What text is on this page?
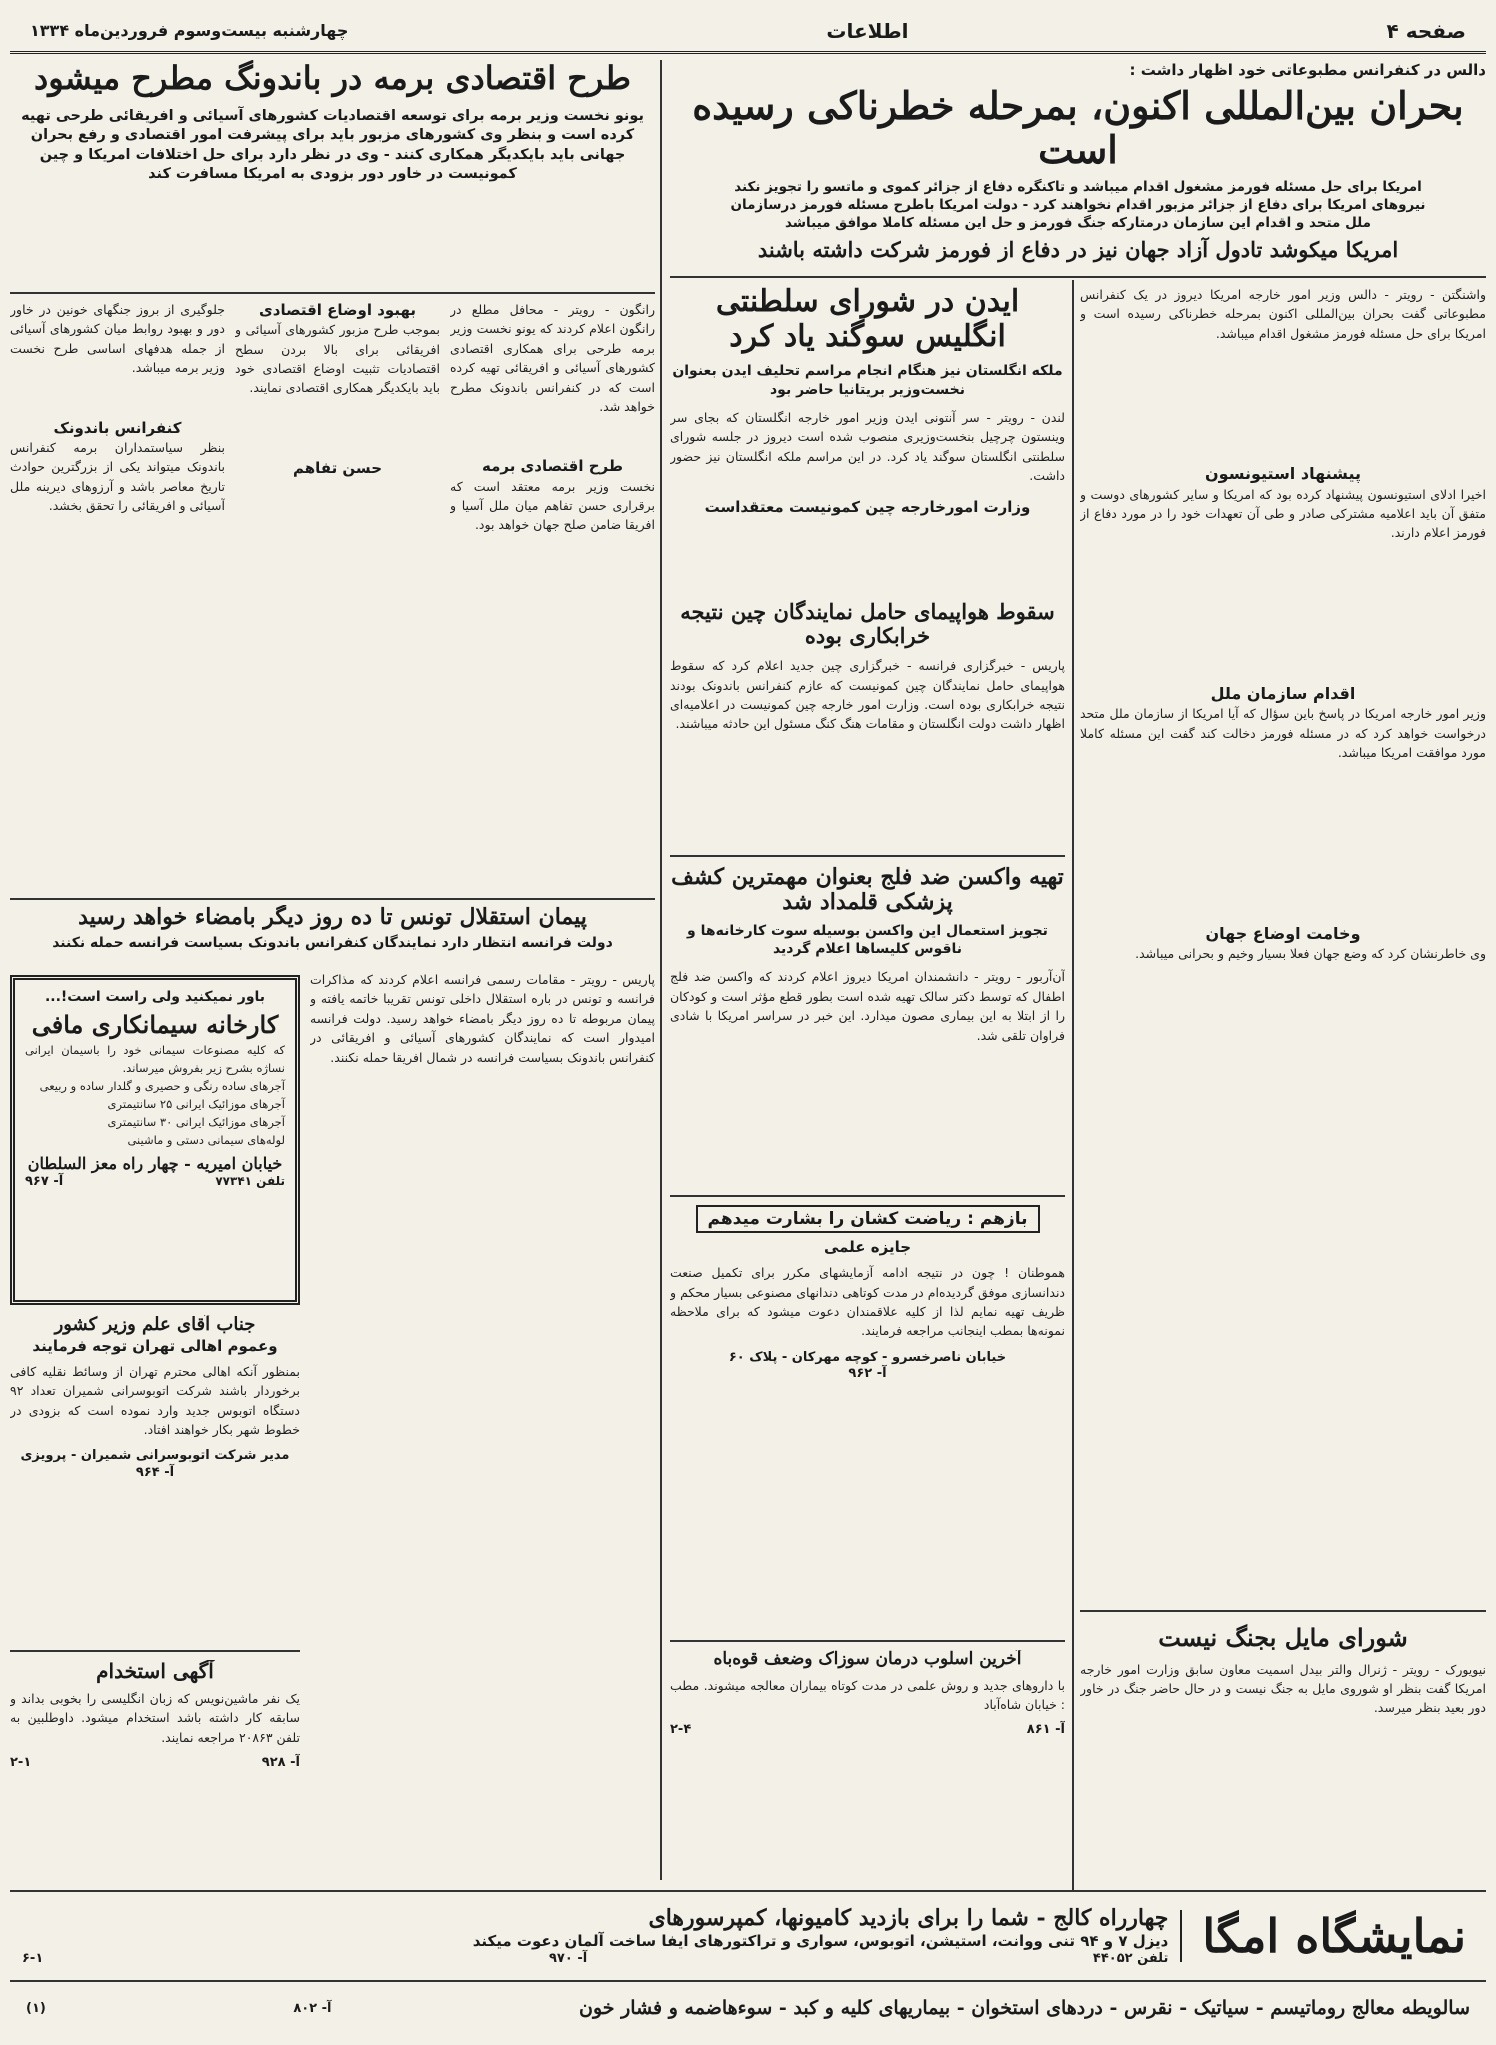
صفحه ۴
اطلاعات
چهارشنبه بیست‌وسوم فروردین‌ماه ۱۳۳۴
دالس در کنفرانس مطبوعاتی خود اظهار داشت :
بحران بین‌المللی اکنون، بمرحله خطرناکی رسیده است
امریکا برای حل مسئله فورمز مشغول اقدام میباشد و تاکنگره دفاع از جزائر کموی و ماتسو را تجویز نکند
نیروهای امریکا برای دفاع از جزائر مزبور اقدام نخواهند کرد - دولت امریکا باطرح مسئله فورمز درسازمان
ملل متحد و اقدام این سازمان درمتارکه جنگ فورمز و حل این مسئله کاملا موافق میباشد
امریکا میکوشد تادول آزاد جهان نیز در دفاع از فورمز شرکت داشته باشند
واشنگتن - رویتر - دالس وزیر امور خارجه امریکا دیروز در یک کنفرانس مطبوعاتی گفت بحران بین‌المللی اکنون بمرحله خطرناکی رسیده است و امریکا برای حل مسئله فورمز مشغول اقدام میباشد.
پیشنهاد استیونسون
اخیرا ادلای استیونسون پیشنهاد کرده بود که امریکا و سایر کشورهای دوست و متفق آن باید اعلامیه مشترکی صادر و طی آن تعهدات خود را در مورد دفاع از فورمز اعلام دارند.
اقدام سازمان ملل
وزیر امور خارجه امریکا در پاسخ باین سؤال که آیا امریکا از سازمان ملل متحد درخواست خواهد کرد که در مسئله فورمز دخالت کند گفت این مسئله کاملا مورد موافقت امریکا میباشد.
وخامت اوضاع جهان
وی خاطرنشان کرد که وضع جهان فعلا بسیار وخیم و بحرانی میباشد.
شورای مایل بجنگ نیست
نیویورک - رویتر - ژنرال والتر بیدل اسمیت معاون سابق وزارت امور خارجه امریکا گفت بنظر او شوروی مایل به جنگ نیست و در حال حاضر جنگ در خاور دور بعید بنظر میرسد.
ایدن در شورای سلطنتی انگلیس سوگند یاد کرد
ملکه انگلستان نیز هنگام انجام مراسم تحلیف ایدن بعنوان نخست‌وزیر بریتانیا حاضر بود
لندن - رویتر - سر آنتونی ایدن وزیر امور خارجه انگلستان که بجای سر وینستون چرچیل بنخست‌وزیری منصوب شده است دیروز در جلسه شورای سلطنتی انگلستان سوگند یاد کرد. در این مراسم ملکه انگلستان نیز حضور داشت.
وزارت امورخارجه چین کمونیست معتقداست
سقوط هواپیمای حامل نمایندگان چین نتیجه خرابکاری بوده
پاریس - خبرگزاری فرانسه - خبرگزاری چین جدید اعلام کرد که سقوط هواپیمای حامل نمایندگان چین کمونیست که عازم کنفرانس باندونک بودند نتیجه خرابکاری بوده است. وزارت امور خارجه چین کمونیست در اعلامیه‌ای اظهار داشت دولت انگلستان و مقامات هنگ کنگ مسئول این حادثه میباشند.
تهیه واکسن ضد فلج بعنوان مهمترین کشف پزشکی قلمداد شد
تجویز استعمال این واکسن بوسیله سوت کارخانه‌ها و ناقوس کلیساها اعلام گردید
آن‌آربور - رویتر - دانشمندان امریکا دیروز اعلام کردند که واکسن ضد فلج اطفال که توسط دکتر سالک تهیه شده است بطور قطع مؤثر است و کودکان را از ابتلا به این بیماری مصون میدارد. این خبر در سراسر امریکا با شادی فراوان تلقی شد.
بازهم : ریاضت کشان را بشارت میدهم
جایزه علمی
هموطنان ! چون در نتیجه ادامه آزمایشهای مکرر برای تکمیل صنعت دندانسازی موفق گردیده‌ام در مدت کوتاهی دندانهای مصنوعی بسیار محکم و ظریف تهیه نمایم لذا از کلیه علاقمندان دعوت میشود که برای ملاحظه نمونه‌ها بمطب اینجانب مراجعه فرمایند.
خیابان ناصرخسرو - کوچه مهرکان - پلاک ۶۰
آ- ۹۶۲
آخرین اسلوب درمان سوزاک وضعف قوه‌باه
با داروهای جدید و روش علمی در مدت کوتاه بیماران معالجه میشوند. مطب : خیابان شاه‌آباد
آ- ۸۶۱
۲-۴
طرح اقتصادی برمه در باندونگ مطرح میشود
یونو نخست وزیر برمه برای توسعه اقتصادیات کشورهای آسیائی و افریقائی طرحی تهیه کرده است و بنظر وی کشورهای مزبور باید برای پیشرفت امور اقتصادی و رفع بحران جهانی باید بایکدیگر همکاری کنند - وی در نظر دارد برای حل اختلافات امریکا و چین کمونیست در خاور دور بزودی به امریکا مسافرت کند
رانگون - رویتر - محافل مطلع در رانگون اعلام کردند که یونو نخست وزیر برمه طرحی برای همکاری اقتصادی کشورهای آسیائی و افریقائی تهیه کرده است که در کنفرانس باندونک مطرح خواهد شد.
طرح اقتصادی برمه
نخست وزیر برمه معتقد است که برقراری حسن تفاهم میان ملل آسیا و افریقا ضامن صلح جهان خواهد بود.
بهبود اوضاع اقتصادی
بموجب طرح مزبور کشورهای آسیائی و افریقائی برای بالا بردن سطح اقتصادیات تثبیت اوضاع اقتصادی خود باید بایکدیگر همکاری اقتصادی نمایند.
حسن تفاهم
جلوگیری از بروز جنگهای خونین در خاور دور و بهبود روابط میان کشورهای آسیائی از جمله هدفهای اساسی طرح نخست وزیر برمه میباشد.
کنفرانس باندونک
بنظر سیاستمداران برمه کنفرانس باندونک میتواند یکی از بزرگترین حوادث تاریخ معاصر باشد و آرزوهای دیرینه ملل آسیائی و افریقائی را تحقق بخشد.
پیمان استقلال تونس تا ده روز دیگر بامضاء خواهد رسید
دولت فرانسه انتظار دارد نمایندگان کنفرانس باندونک بسیاست فرانسه حمله نکنند
پاریس - رویتر - مقامات رسمی فرانسه اعلام کردند که مذاکرات فرانسه و تونس در باره استقلال داخلی تونس تقریبا خاتمه یافته و پیمان مربوطه تا ده روز دیگر بامضاء خواهد رسید. دولت فرانسه امیدوار است که نمایندگان کشورهای آسیائی و افریقائی در کنفرانس باندونک بسیاست فرانسه در شمال افریقا حمله نکنند.
باور نمیکنید ولی راست است!...
کارخانه سیمانکاری مافی
که کلیه مصنوعات سیمانی خود را باسیمان ایرانی نساژه بشرح زیر بفروش میرساند.
آجرهای ساده رنگی و حصیری و گلدار ساده و ربیعی
آجرهای موزائیک ایرانی ۲۵ سانتیمتری
آجرهای موزائیک ایرانی ۳۰ سانتیمتری
لوله‌های سیمانی دستی و ماشینی
خیابان امیریه - چهار راه معز السلطان
تلفن ۷۷۳۴۱
آ- ۹۶۷
جناب آقای علم وزیر کشور
وعموم اهالی تهران توجه فرمایند
بمنظور آنکه اهالی محترم تهران از وسائط نقلیه کافی برخوردار باشند شرکت اتوبوسرانی شمیران تعداد ۹۲ دستگاه اتوبوس جدید وارد نموده است که بزودی در خطوط شهر بکار خواهند افتاد.
مدیر شرکت اتوبوسرانی شمیران - پرویزی
آ- ۹۶۴
آگهی استخدام
یک نفر ماشین‌نویس که زبان انگلیسی را بخوبی بداند و سابقه کار داشته باشد استخدام میشود. داوطلبین به تلفن ۲۰۸۶۳ مراجعه نمایند.
آ- ۹۲۸
۲-۱
نمایشگاه امگا
چهارراه کالج - شما را برای بازدید کامیونها، کمپرسورهای
دیزل ۷ و ۹۴ تنی ووانت، استیشن، اتوبوس، سواری و تراکتورهای ایفا ساخت آلمان دعوت میکند
تلفن ۴۴۰۵۲
آ- ۹۷۰
۶-۱
سالویطه معالج روماتیسم - سیاتیک - نقرس - دردهای استخوان - بیماریهای کلیه و کبد - سوء‌هاضمه و فشار خون
آ- ۸۰۲
(۱)
